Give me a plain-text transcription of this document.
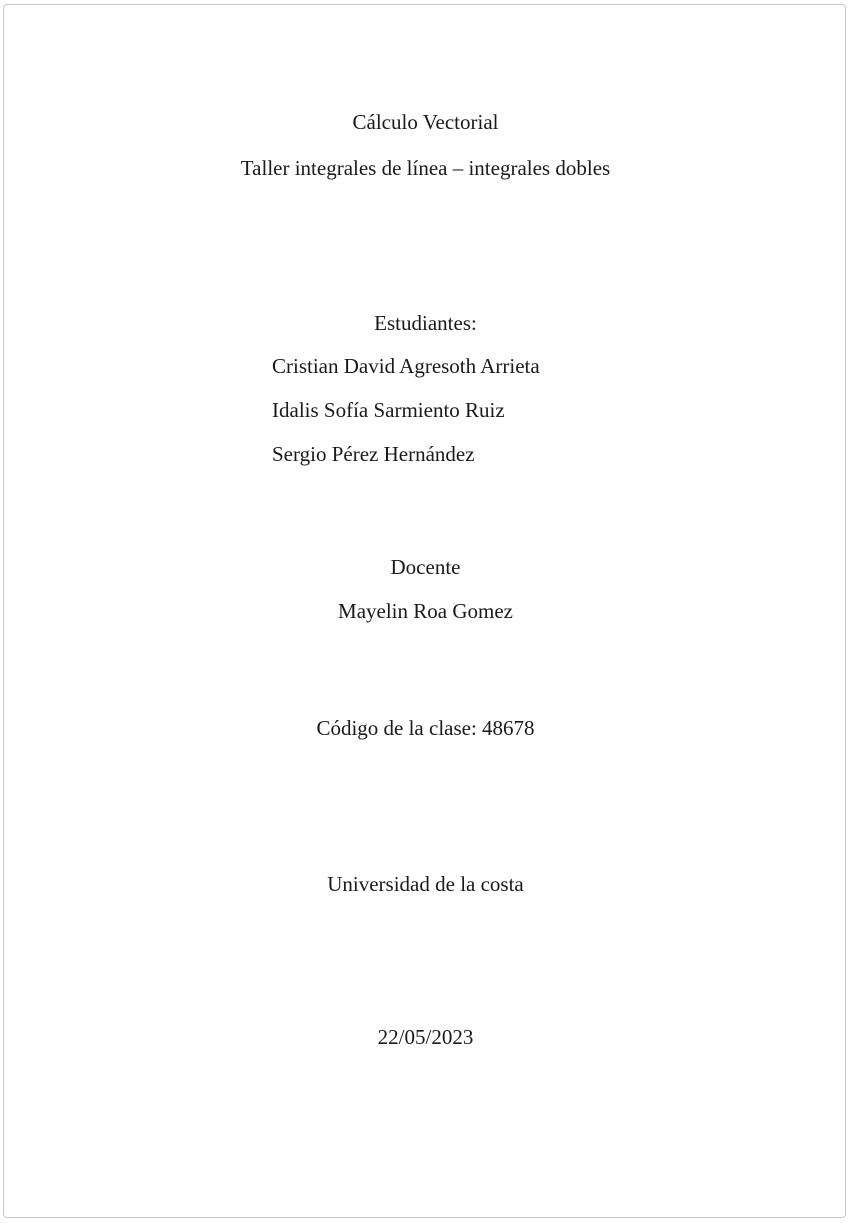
Cálculo Vectorial
Taller integrales de línea – integrales dobles
Estudiantes:
Cristian David Agresoth Arrieta
Idalis Sofía Sarmiento Ruiz
Sergio Pérez Hernández
Docente
Mayelin Roa Gomez
Código de la clase: 48678
Universidad de la costa
22/05/2023
